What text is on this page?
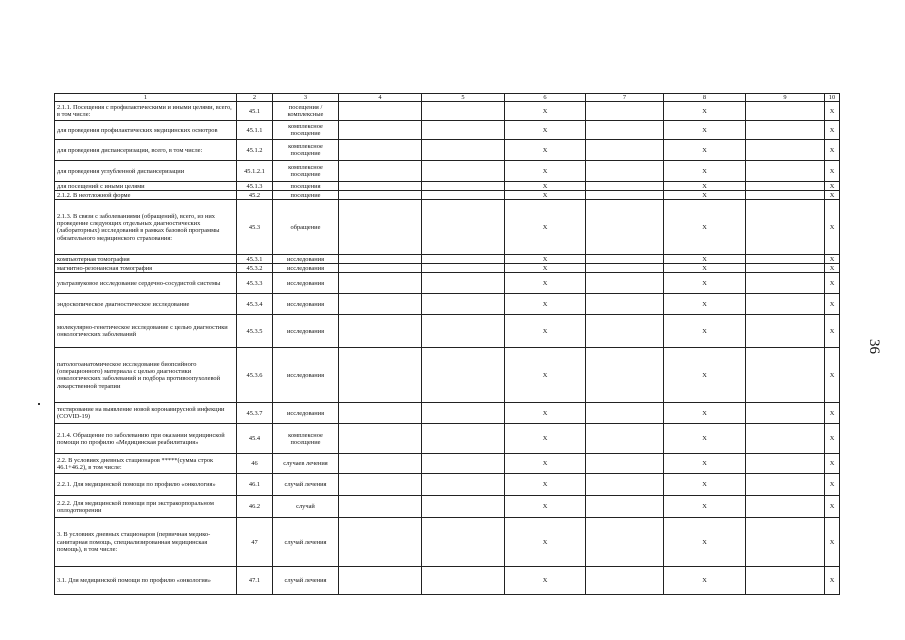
1	2	3	4	5	6	7	8	9	10
2.1.1. Посещения с профилактическими и иными целями, всего, в том числе:	45.1	посещения / комплексные			X		X		X
для проведения профилактических медицинских осмотров	45.1.1	комплексное посещение			X		X		X
для проведения диспансеризации, всего, в том числе:	45.1.2	комплексное посещение			X		X		X
для проведения углубленной диспансеризации	45.1.2.1	комплексное посещение			X		X		X
для посещений с иными целями	45.1.3	посещения			X		X		X
2.1.2. В неотложной форме	45.2	посещение			X		X		X
2.1.3. В связи с заболеваниями (обращений), всего, из них проведение следующих отдельных диагностических (лабораторных) исследований в рамках базовой программы обязательного медицинского страхования:	45.3	обращение			X		X		X
компьютерная томография	45.3.1	исследования			X		X		X
магнитно-резонансная томография	45.3.2	исследования			X		X		X
ультразвуковое исследование сердечно-сосудистой системы	45.3.3	исследования			X		X		X
эндоскопическое диагностическое исследование	45.3.4	исследования			X		X		X
молекулярно-генетическое исследование с целью диагностики онкологических заболеваний	45.3.5	исследования			X		X		X
патологоанатомическое исследование биопсийного (операционного) материала с целью диагностики онкологических заболеваний и подбора противоопухолевой лекарственной терапии	45.3.6	исследования			X		X		X
тестирование на выявление новой коронавирусной инфекции (COVID-19)	45.3.7	исследования			X		X		X
2.1.4. Обращение по заболеванию при оказании медицинской помощи по профилю «Медицинская реабилитация»	45.4	комплексное посещение			X		X		X
2.2. В условиях дневных стационаров *****(сумма строк 46.1+46.2), в том числе:	46	случаев лечения			X		X		X
2.2.1. Для медицинской помощи по профилю «онкология»	46.1	случай лечения			X		X		X
2.2.2. Для медицинской помощи при экстракорпоральном оплодотворении	46.2	случай			X		X		X
3. В условиях дневных стационаров (первичная медико-санитарная помощь, специализированная медицинская помощь), в том числе:	47	случай лечения			X		X		X
3.1. Для медицинской помощи по профилю «онкология»	47.1	случай лечения			X		X		X
36
